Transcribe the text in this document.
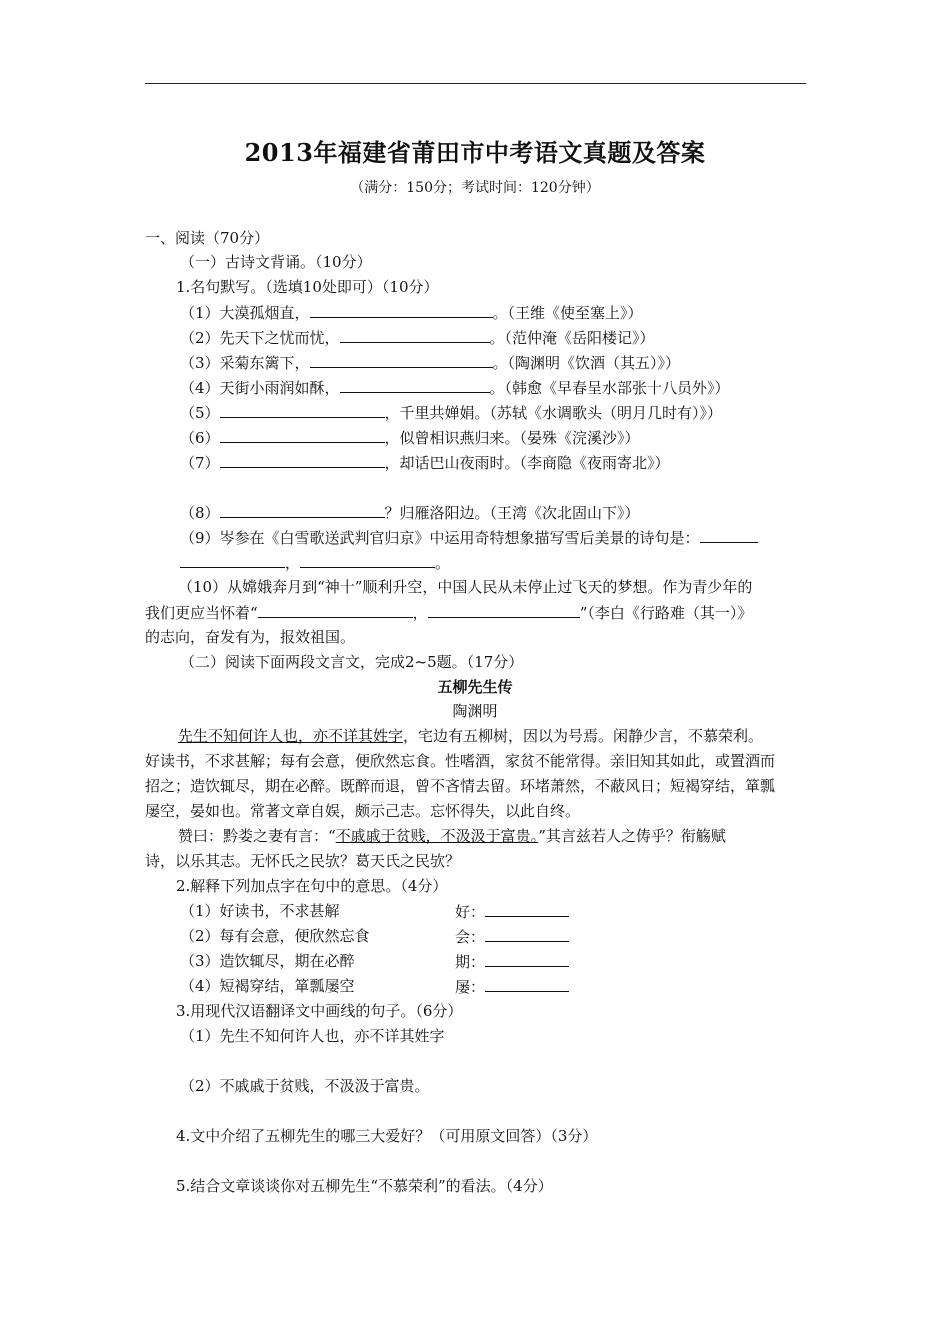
2013年福建省莆田市中考语文真题及答案
（满分：150分；考试时间：120分钟）
一、阅读（70分）
（一）古诗文背诵。（10分）
1.名句默写。（选填10处即可）（10分）
（1）大漠孤烟直，	。（王维《使至塞上》）
（2）先天下之忧而忧，	。（范仲淹《岳阳楼记》）
（3）采菊东篱下，	。（陶渊明《饮酒（其五）》）
（4）天街小雨润如酥，	。（韩愈《早春呈水部张十八员外》）
（5）	，千里共婵娟。（苏轼《水调歌头（明月几时有）》）
（6）	，似曾相识燕归来。（晏殊《浣溪沙》）
（7）	，却话巴山夜雨时。（李商隐《夜雨寄北》）
（8）	？归雁洛阳边。（王湾《次北固山下》）
（9）岑参在《白雪歌送武判官归京》中运用奇特想象描写雪后美景的诗句是：
，	。
（10）从嫦娥奔月到“神十”顺利升空，中国人民从未停止过飞天的梦想。作为青少年的
我们更应当怀着“	，	”（李白《行路难（其一）》
的志向，奋发有为，报效祖国。
（二）阅读下面两段文言文，完成2~5题。（17分）
五柳先生传
陶渊明
先生不知何许人也，亦不详其姓字，宅边有五柳树，因以为号焉。闲静少言，不慕荣利。
好读书，不求甚解；每有会意，便欣然忘食。性嗜酒，家贫不能常得。亲旧知其如此，或置酒而
招之；造饮辄尽，期在必醉。既醉而退，曾不吝情去留。环堵萧然，不蔽风日；短褐穿结，箪瓢
屡空，晏如也。常著文章自娱，颇示己志。忘怀得失，以此自终。
赞曰：黔娄之妻有言：“不戚戚于贫贱，不汲汲于富贵。”其言兹若人之俦乎？衔觞赋
诗，以乐其志。无怀氏之民欤？葛天氏之民欤？
2.解释下列加点字在句中的意思。（4分）
（1）好读书，不求甚解	好：
（2）每有会意，便欣然忘食	会：
（3）造饮辄尽，期在必醉	期：
（4）短褐穿结，箪瓢屡空	屡：
3.用现代汉语翻译文中画线的句子。（6分）
（1）先生不知何许人也，亦不详其姓字
（2）不戚戚于贫贱，不汲汲于富贵。
4.文中介绍了五柳先生的哪三大爱好？（可用原文回答）（3分）
5.结合文章谈谈你对五柳先生“不慕荣利”的看法。（4分）
